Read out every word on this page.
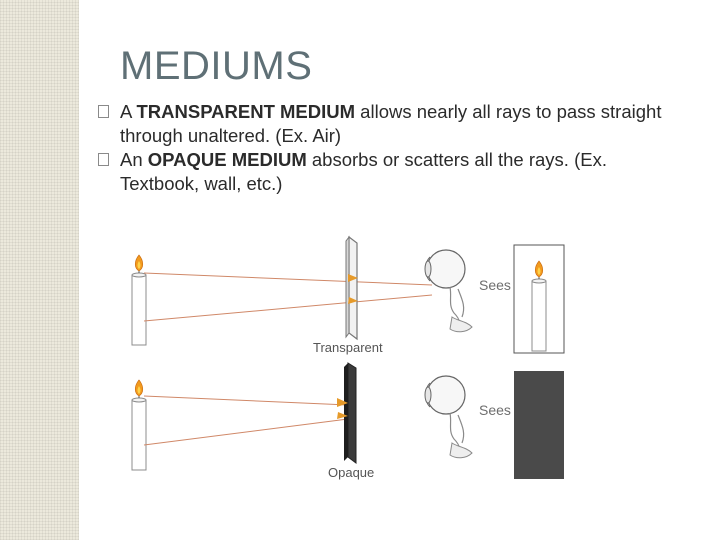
MEDIUMS
A TRANSPARENT MEDIUM allows nearly all rays to pass straight through unaltered. (Ex. Air)
An OPAQUE MEDIUM absorbs or scatters all the rays. (Ex. Textbook, wall, etc.)
Sees
Transparent
Sees
Opaque
